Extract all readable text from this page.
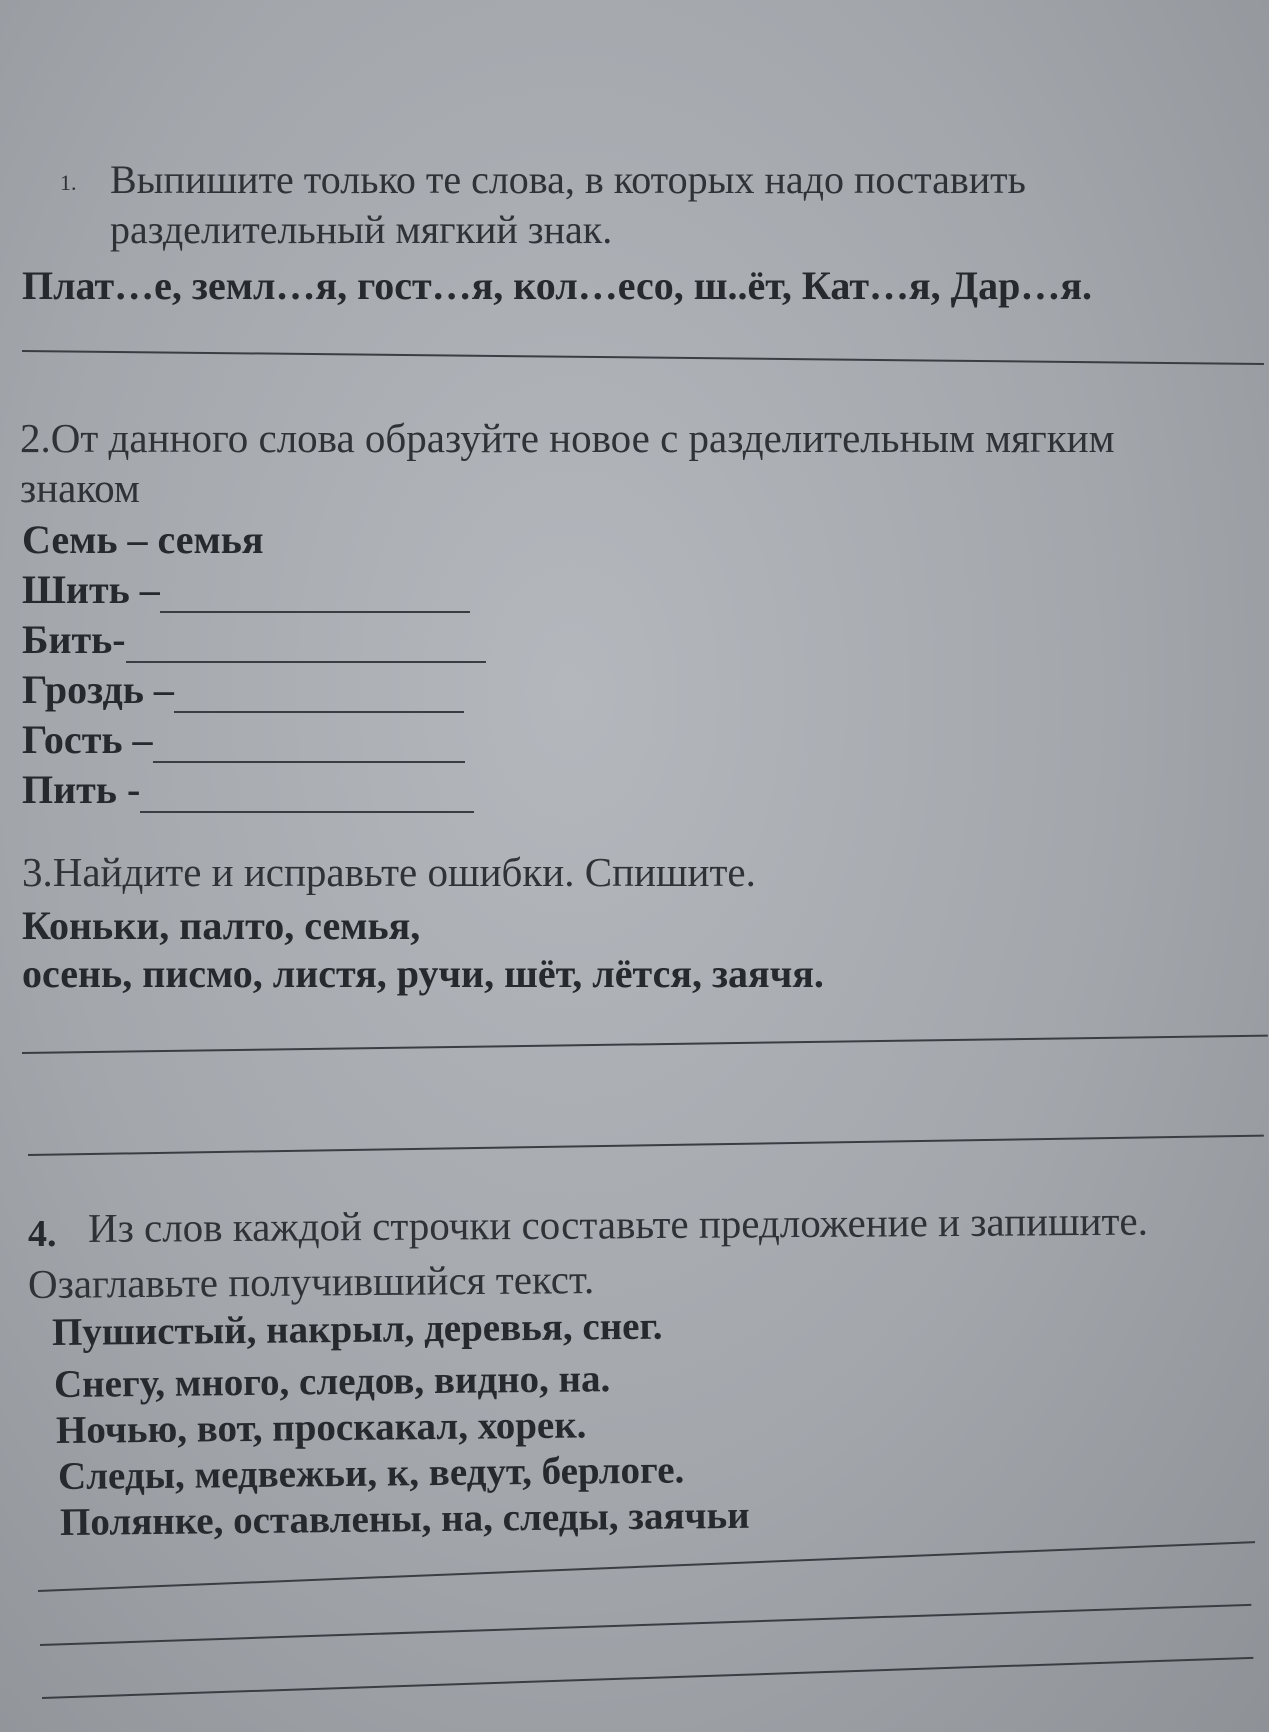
1. Выпишите только те слова, в которых надо поставить
разделительный мягкий знак.
Плат…е, земл…я, гост…я, кол…есо, ш..ёт, Кат…я, Дар…я.
2.От данного слова образуйте новое с разделительным мягким
знаком
Семь – семья
Шить –
Бить-
Гроздь –
Гость –
Пить -
3.Найдите и исправьте ошибки. Спишите.
Коньки, палто, семья,
осень, писмо, листя, ручи, шёт, лётся, заячя.
4. Из слов каждой строчки составьте предложение и запишите.
Озаглавьте получившийся текст.
Пушистый, накрыл, деревья, снег.
Снегу, много, следов, видно, на.
Ночью, вот, проскакал, хорек.
Следы, медвежьи, к, ведут, берлоге.
Полянке, оставлены, на, следы, заячьи
